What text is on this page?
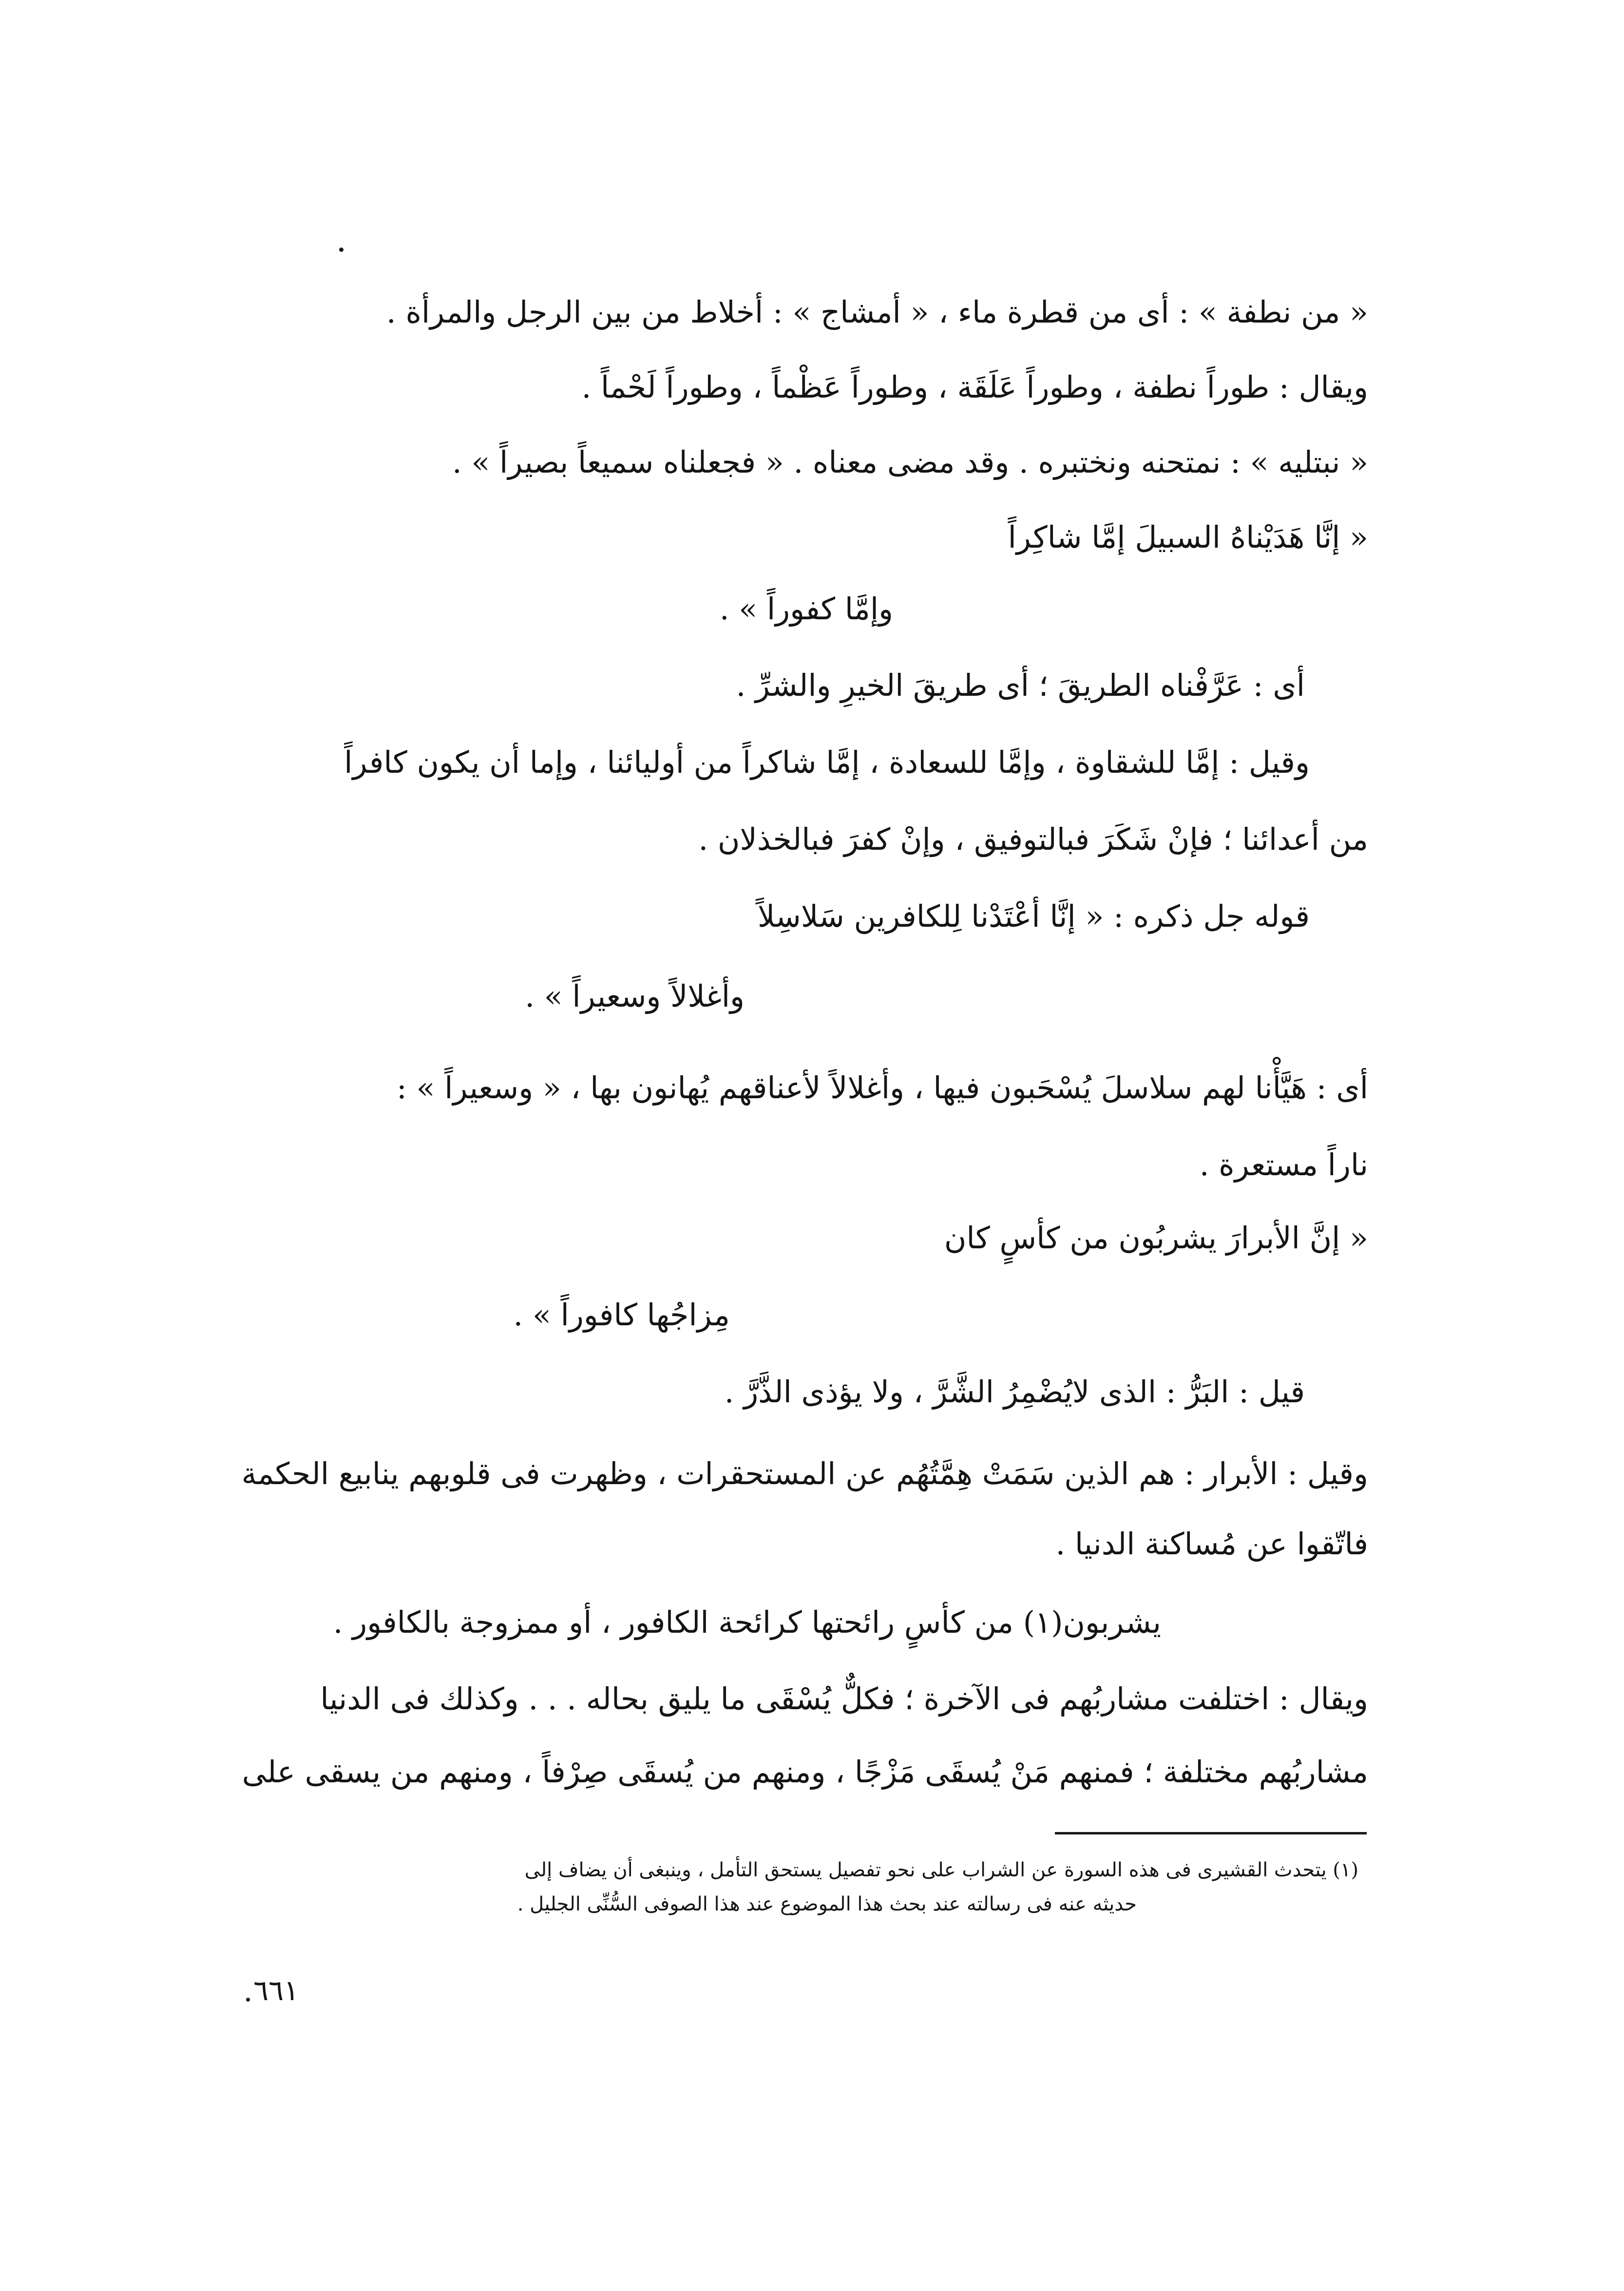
« من نطفة » : أى من قطرة ماء ، « أمشاج » : أخلاط من بين الرجل والمرأة .
ويقال : طوراً نطفة ، وطوراً عَلَقَة ، وطوراً عَظْماً ، وطوراً لَحْماً .
« نبتليه » : نمتحنه ونختبره . وقد مضى معناه . « فجعلناه سميعاً بصيراً » .
« إنَّا هَدَيْناهُ السبيلَ إمَّا شاكِراً
وإمَّا كفوراً » .
أى : عَرَّفْناه الطريقَ ؛ أى طريقَ الخيرِ والشرِّ .
وقيل : إمَّا للشقاوة ، وإمَّا للسعادة ، إمَّا شاكراً من أوليائنا ، وإما أن يكون كافراً
من أعدائنا ؛ فإنْ شَكَرَ فبالتوفيق ، وإنْ كفرَ فبالخذلان .
قوله جل ذكره : « إنَّا أعْتَدْنا لِلكافرين سَلاسِلاً
وأغلالاً وسعيراً » .
أى : هَيَّأْنا لهم سلاسلَ يُسْحَبون فيها ، وأغلالاً لأعناقهم يُهانون بها ، « وسعيراً » :
ناراً مستعرة .
« إنَّ الأبرارَ يشربُون من كأسٍ كان
مِزاجُها كافوراً » .
قيل : البَرُّ : الذى لايُضْمِرُ الشَّرَّ ، ولا يؤذى الذَّرَّ .
وقيل : الأبرار : هم الذين سَمَتْ هِمَّتُهُم عن المستحقرات ، وظهرت فى قلوبهم ينابيع الحكمة
فاتّقوا عن مُساكنة الدنيا .
يشربون(١) من كأسٍ رائحتها كرائحة الكافور ، أو ممزوجة بالكافور .
ويقال : اختلفت مشاربُهم فى الآخرة ؛ فكلٌّ يُسْقَى ما يليق بحاله . . . وكذلك فى الدنيا
مشاربُهم مختلفة ؛ فمنهم مَنْ يُسقَى مَزْجًا ، ومنهم من يُسقَى صِرْفاً ، ومنهم من يسقى على
(١) يتحدث القشيرى فى هذه السورة عن الشراب على نحو تفصيل يستحق التأمل ، وينبغى أن يضاف إلى
حديثه عنه فى رسالته عند بحث هذا الموضوع عند هذا الصوفى السُّنِّى الجليل .
٦٦١
